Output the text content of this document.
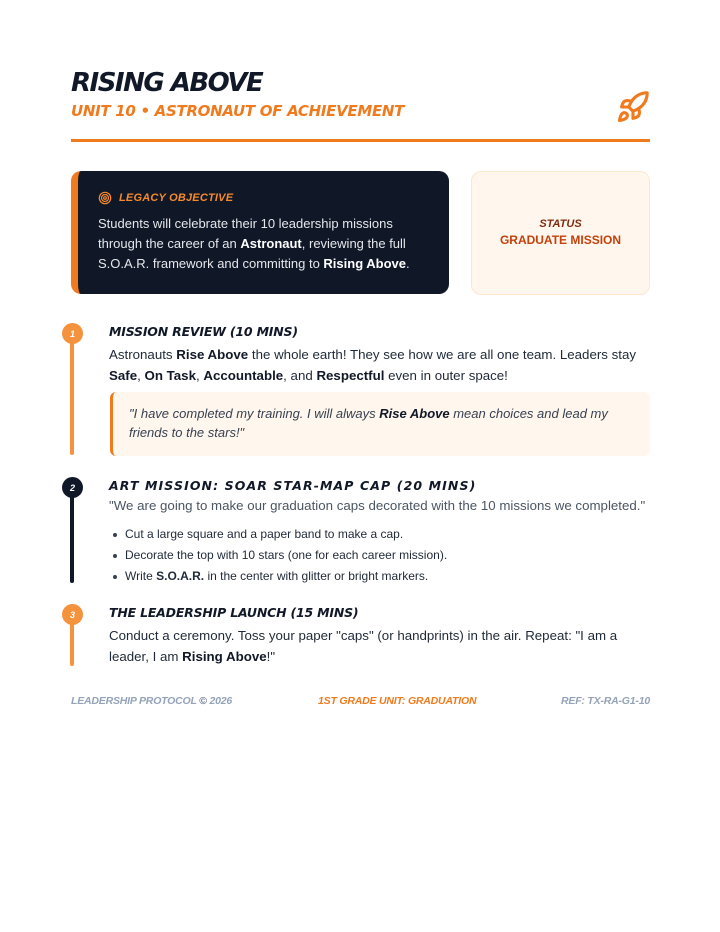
RISING ABOVE
UNIT 10 • ASTRONAUT OF ACHIEVEMENT
LEGACY OBJECTIVE

Students will celebrate their 10 leadership missions through the career of an Astronaut, reviewing the full S.O.A.R. framework and committing to Rising Above.

STATUS
GRADUATE MISSION
1	MISSION REVIEW (10 MINS)

Astronauts Rise Above the whole earth! They see how we are all one team. Leaders stay Safe, On Task, Accountable, and Respectful even in outer space!

"I have completed my training. I will always Rise Above mean choices and lead my friends to the stars!"
2	ART MISSION: SOAR STAR-MAP CAP (20 MINS)
"We are going to make our graduation caps decorated with the 10 missions we completed."
Cut a large square and a paper band to make a cap.
Decorate the top with 10 stars (one for each career mission).
Write S.O.A.R. in the center with glitter or bright markers.
3	THE LEADERSHIP LAUNCH (15 MINS)

Conduct a ceremony. Toss your paper "caps" (or handprints) in the air. Repeat: "I am a leader, I am Rising Above!"

LEADERSHIP PROTOCOL © 2026	1ST GRADE UNIT: GRADUATION	REF: TX-RA-G1-10
